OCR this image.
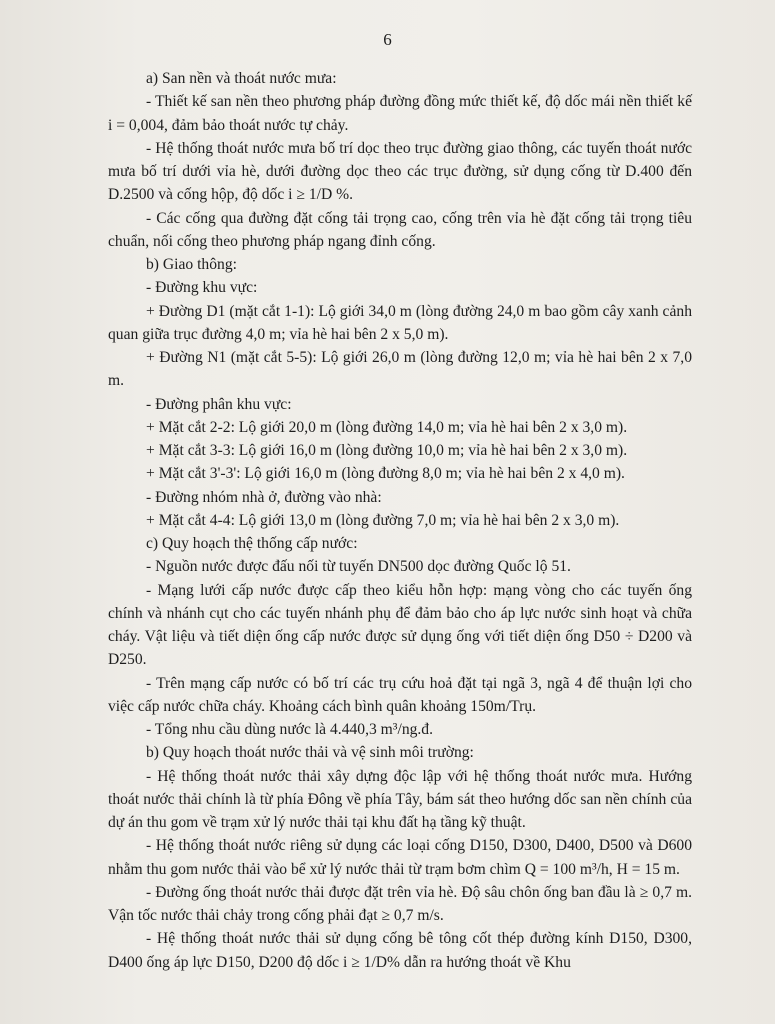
6

a) San nền và thoát nước mưa:

- Thiết kế san nền theo phương pháp đường đồng mức thiết kế, độ dốc mái nền thiết kế i = 0,004, đảm bảo thoát nước tự chảy.

- Hệ thống thoát nước mưa bố trí dọc theo trục đường giao thông, các tuyến thoát nước mưa bố trí dưới vỉa hè, dưới đường dọc theo các trục đường, sử dụng cống từ D.400 đến D.2500 và cống hộp, độ dốc i ≥ 1/D %.

- Các cống qua đường đặt cống tải trọng cao, cống trên vỉa hè đặt cống tải trọng tiêu chuẩn, nối cống theo phương pháp ngang đỉnh cống.

b) Giao thông:

- Đường khu vực:

+ Đường D1 (mặt cắt 1-1): Lộ giới 34,0 m (lòng đường 24,0 m bao gồm cây xanh cảnh quan giữa trục đường 4,0 m; vỉa hè hai bên 2 x 5,0 m).

+ Đường N1 (mặt cắt 5-5): Lộ giới 26,0 m (lòng đường 12,0 m; vỉa hè hai bên 2 x 7,0 m.

- Đường phân khu vực:

+ Mặt cắt 2-2: Lộ giới 20,0 m (lòng đường 14,0 m; vỉa hè hai bên 2 x 3,0 m).

+ Mặt cắt 3-3: Lộ giới 16,0 m (lòng đường 10,0 m; vỉa hè hai bên 2 x 3,0 m).

+ Mặt cắt 3'-3': Lộ giới 16,0 m (lòng đường 8,0 m; vỉa hè hai bên 2 x 4,0 m).

- Đường nhóm nhà ở, đường vào nhà:

+ Mặt cắt 4-4: Lộ giới 13,0 m (lòng đường 7,0 m; vỉa hè hai bên 2 x 3,0 m).

c) Quy hoạch thệ thống cấp nước:

- Nguồn nước được đấu nối từ tuyến DN500 dọc đường Quốc lộ 51.

- Mạng lưới cấp nước được cấp theo kiểu hỗn hợp: mạng vòng cho các tuyến ống chính và nhánh cụt cho các tuyến nhánh phụ để đảm bảo cho áp lực nước sinh hoạt và chữa cháy. Vật liệu và tiết diện ống cấp nước được sử dụng ống với tiết diện ống D50 ÷ D200 và D250.

- Trên mạng cấp nước có bố trí các trụ cứu hoả đặt tại ngã 3, ngã 4 để thuận lợi cho việc cấp nước chữa cháy. Khoảng cách bình quân khoảng 150m/Trụ.

- Tổng nhu cầu dùng nước là 4.440,3 m³/ng.đ.

b) Quy hoạch thoát nước thải và vệ sinh môi trường:

- Hệ thống thoát nước thải xây dựng độc lập với hệ thống thoát nước mưa. Hướng thoát nước thải chính là từ phía Đông về phía Tây, bám sát theo hướng dốc san nền chính của dự án thu gom về trạm xử lý nước thải tại khu đất hạ tầng kỹ thuật.

- Hệ thống thoát nước riêng sử dụng các loại cống D150, D300, D400, D500 và D600 nhằm thu gom nước thải vào bể xử lý nước thải từ trạm bơm chìm Q = 100 m³/h, H = 15 m.

- Đường ống thoát nước thải được đặt trên vỉa hè. Độ sâu chôn ống ban đầu là ≥ 0,7 m. Vận tốc nước thải chảy trong cống phải đạt ≥ 0,7 m/s.

- Hệ thống thoát nước thải sử dụng cống bê tông cốt thép đường kính D150, D300, D400 ống áp lực D150, D200 độ dốc i ≥ 1/D% dẫn ra hướng thoát về Khu
